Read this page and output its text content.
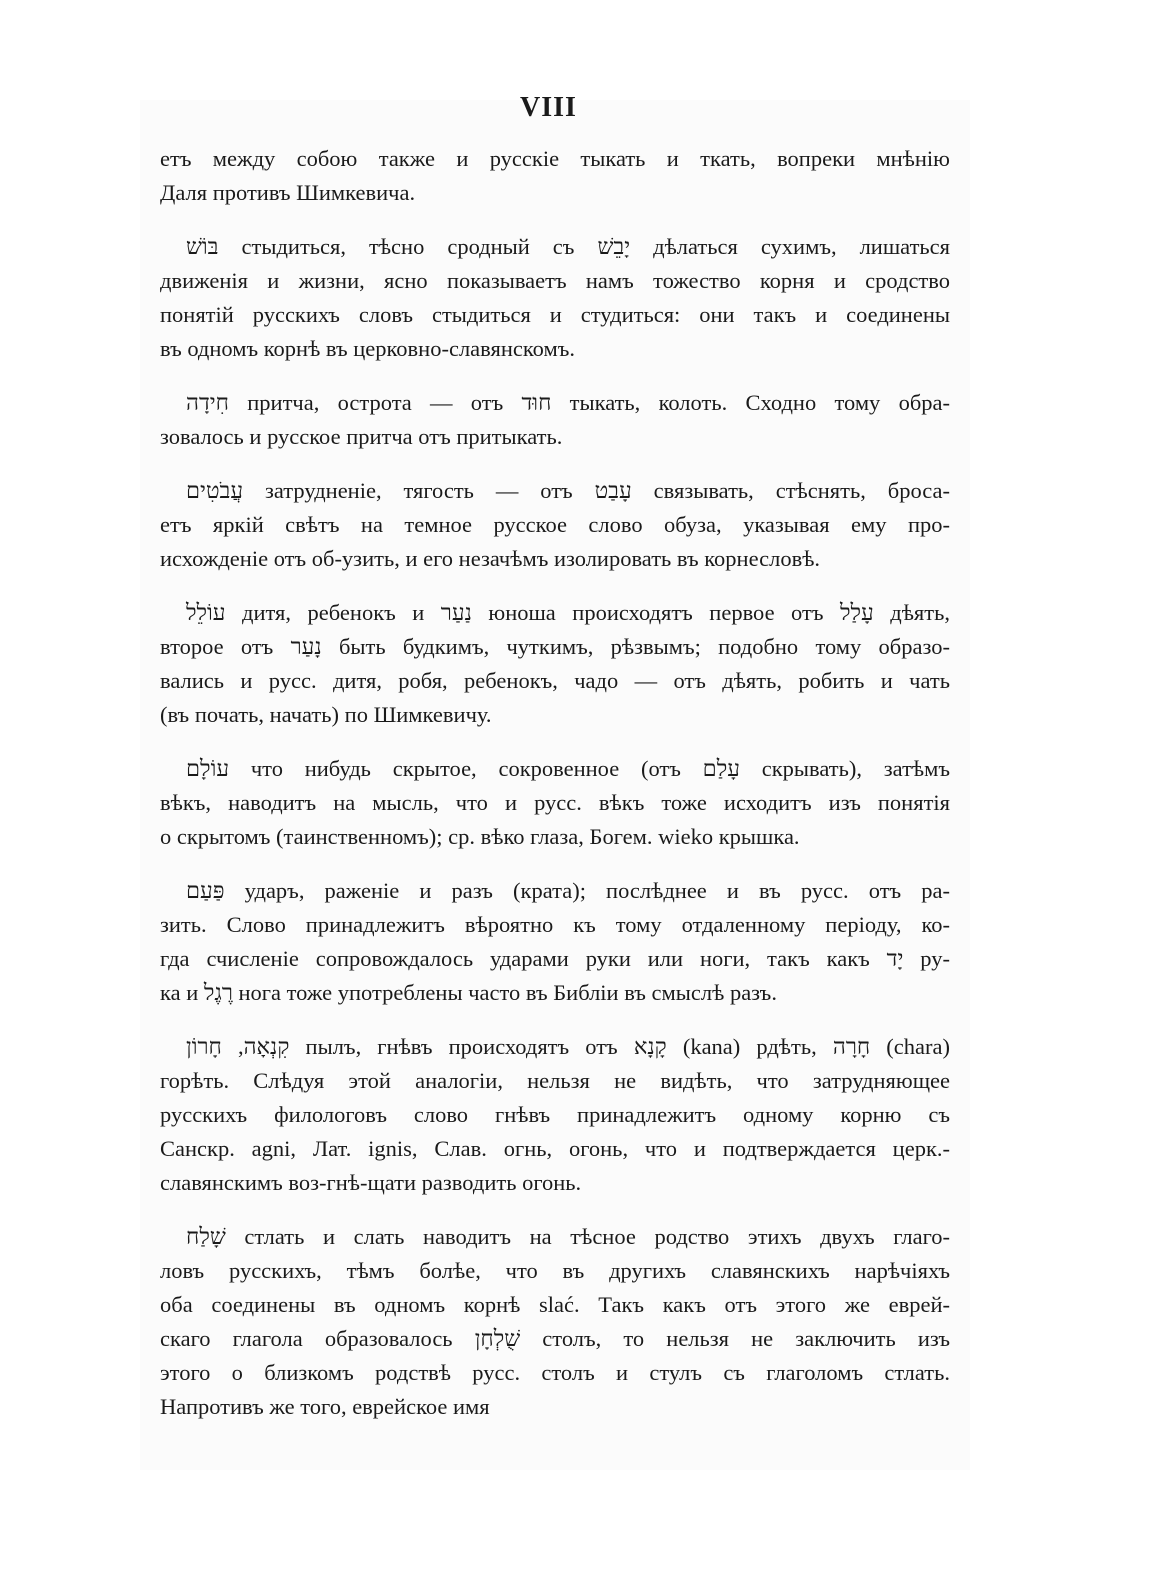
VIII

етъ между собою также и русскіе тыкать и ткать, вопреки мнѣнію
Даля противъ Шимкевича.

בּוֹשׁ стыдиться, тѣсно сродный съ יָבֵשׁ дѣлаться сухимъ, лишаться
движенія и жизни, ясно показываетъ намъ тожество корня и сродство
понятій русскихъ словъ стыдиться и студиться: они такъ и соединены
въ одномъ корнѣ въ церковно-славянскомъ.

חִידָה притча, острота — отъ חוּד тыкать, колоть. Сходно тому обра-
зовалось и русское притча отъ притыкать.

עֲבֹטִים затрудненіе, тягость — отъ עָבַט связывать, стѣснять, броса-
етъ яркій свѣтъ на темное русское слово обуза, указывая ему про-
исхожденіе отъ об-узить, и его незачѣмъ изолировать въ корнесловѣ.

עוֹלֵל дитя, ребенокъ и נַעַר юноша происходятъ первое отъ עָלַל дѣять,
второе отъ נָעַר быть будкимъ, чуткимъ, рѣзвымъ; подобно тому образо-
вались и русс. дитя, робя, ребенокъ, чадо — отъ дѣять, робить и чать
(въ почать, начать) по Шимкевичу.

עוֹלָם что нибудь скрытое, сокровенное (отъ עָלַם скрывать), затѣмъ
вѣкъ, наводитъ на мысль, что и русс. вѣкъ тоже исходитъ изъ понятія
о скрытомъ (таинственномъ); ср. вѣко глаза, Богем. wieko крышка.

פַּעַם ударъ, раженіе и разъ (крата); послѣднее и въ русс. отъ ра-
зить. Слово принадлежитъ вѣроятно къ тому отдаленному періоду, ко-
гда счисленіе сопровождалось ударами руки или ноги, такъ какъ יָד ру-
ка и רֶגֶל нога тоже употреблены часто въ Библіи въ смыслѣ разъ.

קִנְאָה, חָרוֹן пылъ, гнѣвъ происходятъ отъ קָנָא (kana) рдѣть, חָרָה (chara)
горѣть. Слѣдуя этой аналогіи, нельзя не видѣть, что затрудняющее
русскихъ филологовъ слово гнѣвъ принадлежитъ одному корню съ
Санскр. agni, Лат. ignis, Слав. огнь, огонь, что и подтверждается церк.-
славянскимъ воз-гнѣ-щати разводить огонь.

שָׁלַח стлать и слать наводитъ на тѣсное родство этихъ двухъ глаго-
ловъ русскихъ, тѣмъ болѣе, что въ другихъ славянскихъ нарѣчіяхъ
оба соединены въ одномъ корнѣ slać. Такъ какъ отъ этого же еврей-
скаго глагола образовалось שֻׁלְחָן столъ, то нельзя не заключить изъ
этого о близкомъ родствѣ русс. столъ и стулъ съ глаголомъ стлать.
Напротивъ же того, еврейское имя
